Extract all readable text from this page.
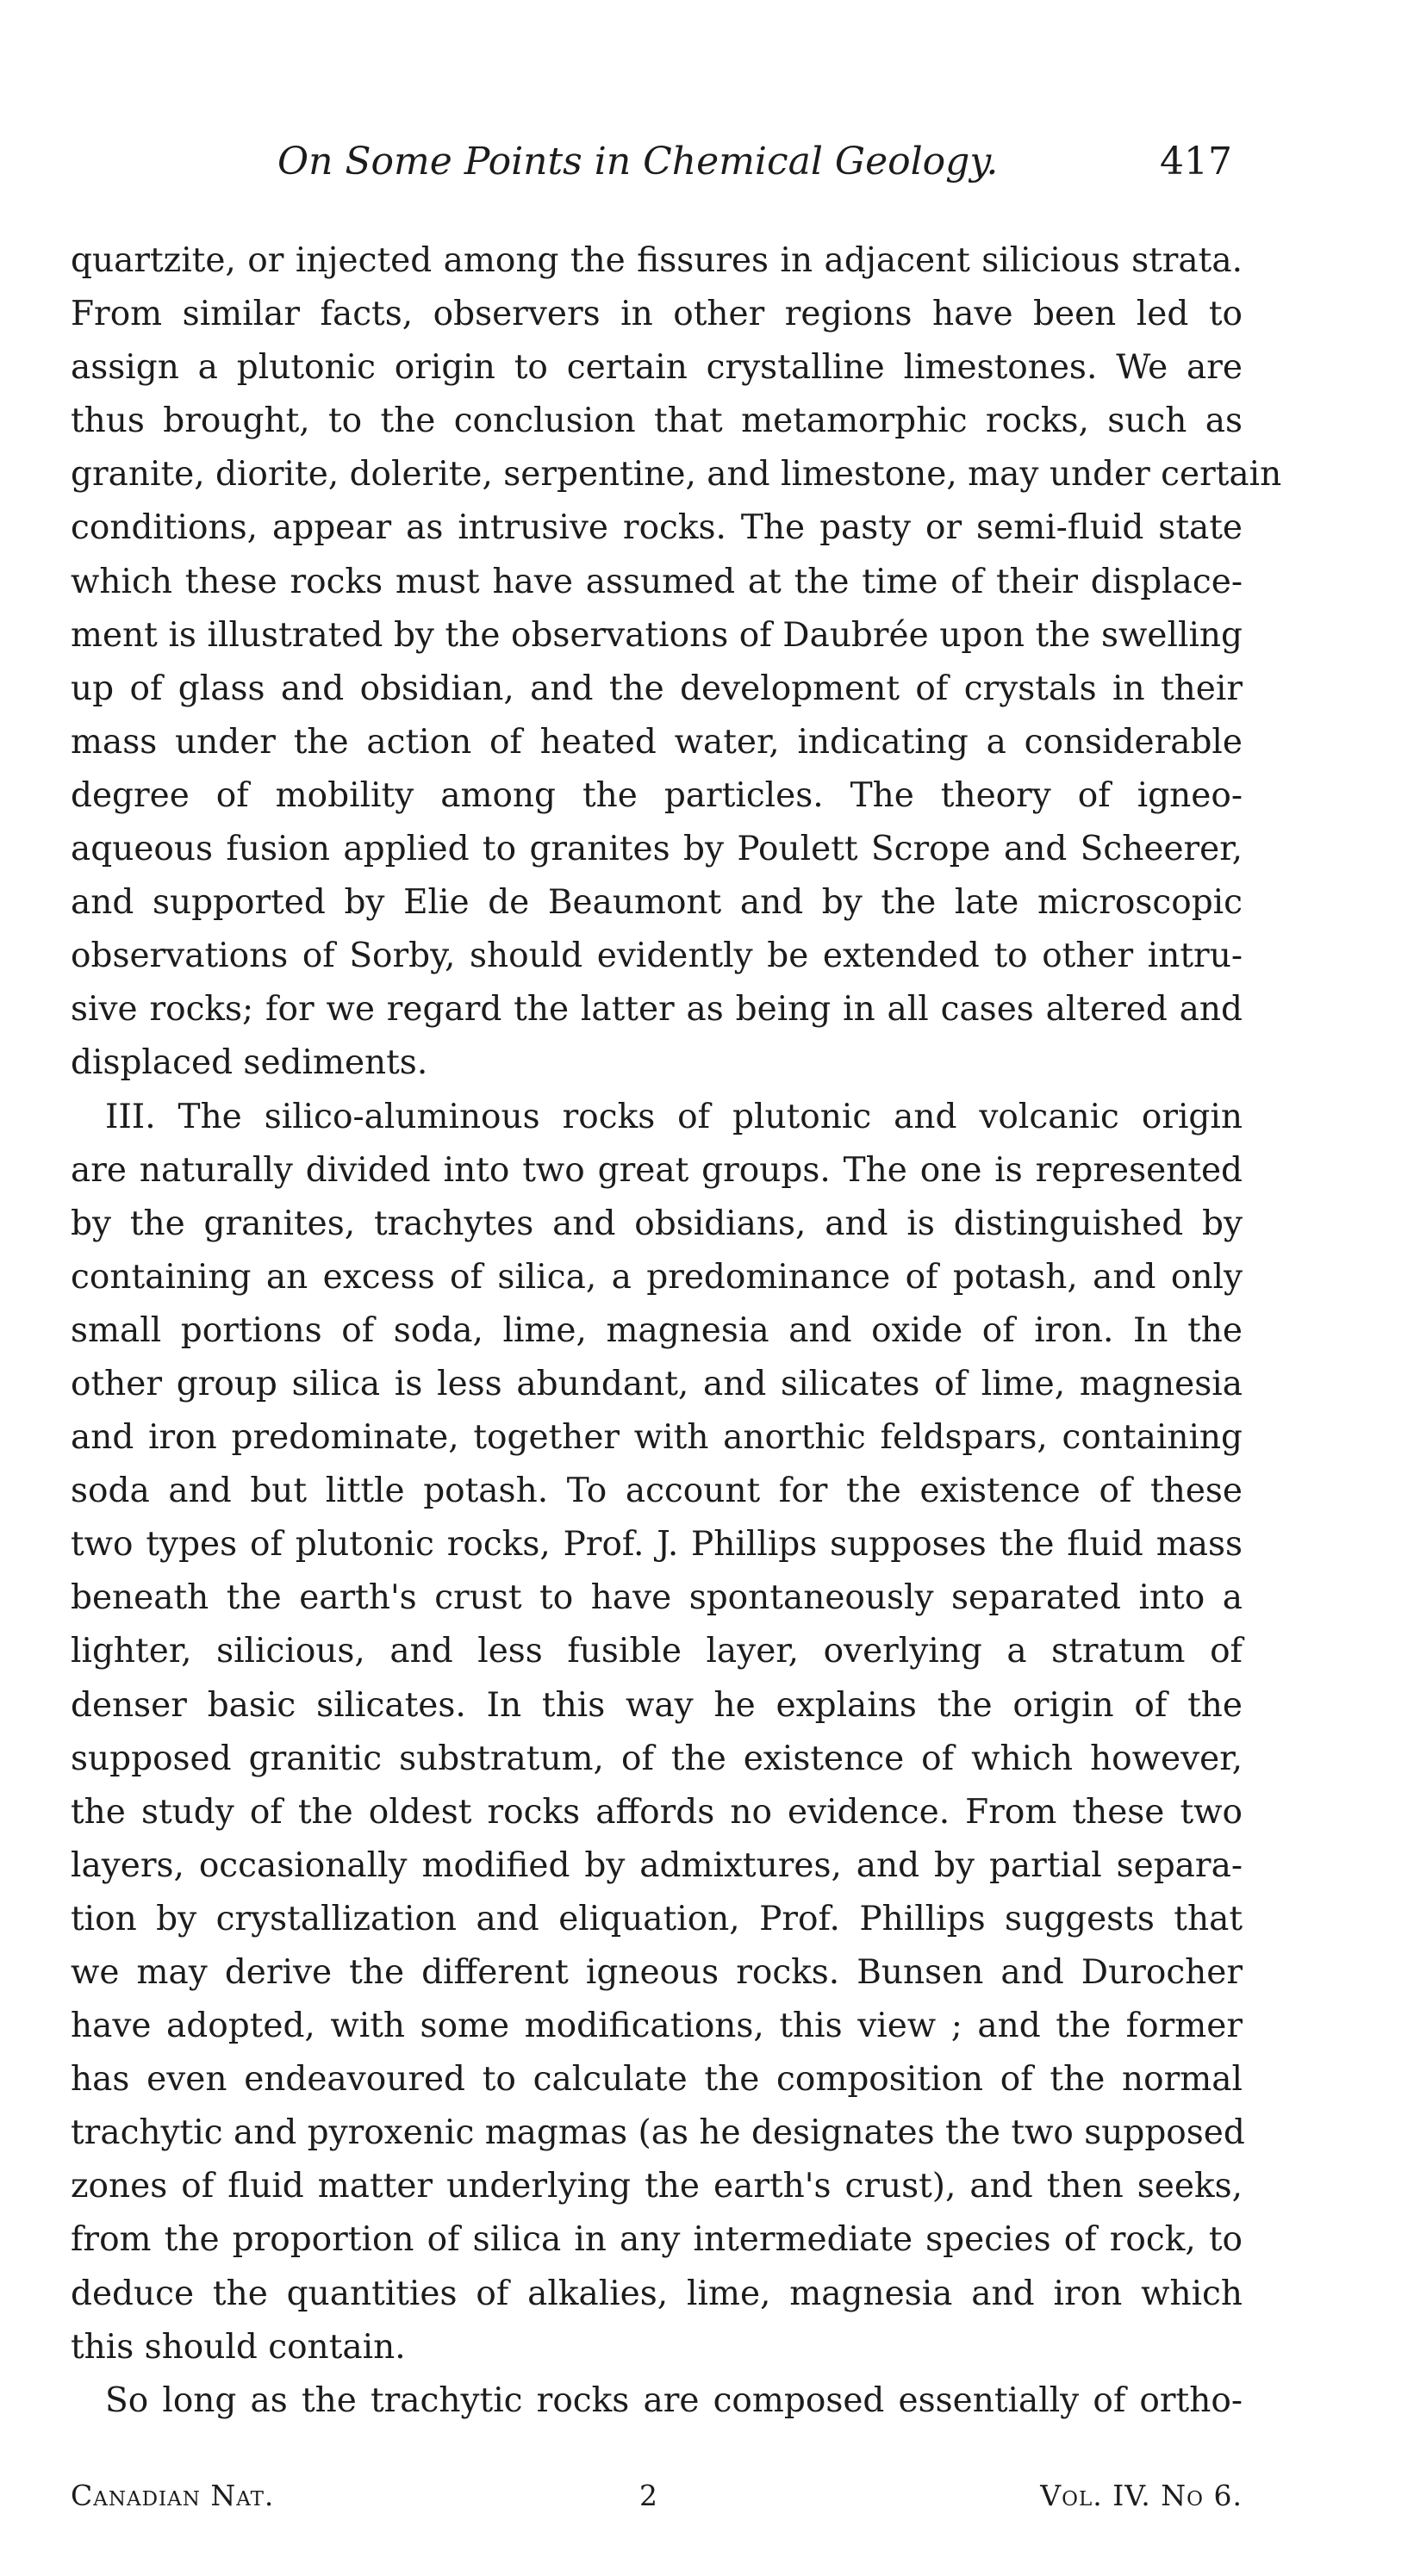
On Some Points in Chemical Geology.	417
quartzite, or injected among the fissures in adjacent silicious strata.
From similar facts, observers in other regions have been led to
assign a plutonic origin to certain crystalline limestones. We are
thus brought, to the conclusion that metamorphic rocks, such as
granite, diorite, dolerite, serpentine, and limestone, may under certain
conditions, appear as intrusive rocks. The pasty or semi-fluid state
which these rocks must have assumed at the time of their displace-
ment is illustrated by the observations of Daubrée upon the swelling
up of glass and obsidian, and the development of crystals in their
mass under the action of heated water, indicating a considerable
degree of mobility among the particles. The theory of igneo-
aqueous fusion applied to granites by Poulett Scrope and Scheerer,
and supported by Elie de Beaumont and by the late microscopic
observations of Sorby, should evidently be extended to other intru-
sive rocks; for we regard the latter as being in all cases altered and
displaced sediments.
III. The silico-aluminous rocks of plutonic and volcanic origin
are naturally divided into two great groups. The one is represented
by the granites, trachytes and obsidians, and is distinguished by
containing an excess of silica, a predominance of potash, and only
small portions of soda, lime, magnesia and oxide of iron. In the
other group silica is less abundant, and silicates of lime, magnesia
and iron predominate, together with anorthic feldspars, containing
soda and but little potash. To account for the existence of these
two types of plutonic rocks, Prof. J. Phillips supposes the fluid mass
beneath the earth's crust to have spontaneously separated into a
lighter, silicious, and less fusible layer, overlying a stratum of
denser basic silicates. In this way he explains the origin of the
supposed granitic substratum, of the existence of which however,
the study of the oldest rocks affords no evidence. From these two
layers, occasionally modified by admixtures, and by partial separa-
tion by crystallization and eliquation, Prof. Phillips suggests that
we may derive the different igneous rocks. Bunsen and Durocher
have adopted, with some modifications, this view ; and the former
has even endeavoured to calculate the composition of the normal
trachytic and pyroxenic magmas (as he designates the two supposed
zones of fluid matter underlying the earth's crust), and then seeks,
from the proportion of silica in any intermediate species of rock, to
deduce the quantities of alkalies, lime, magnesia and iron which
this should contain.
So long as the trachytic rocks are composed essentially of ortho-
Canadian Nat.	2	Vol. IV. No 6.
